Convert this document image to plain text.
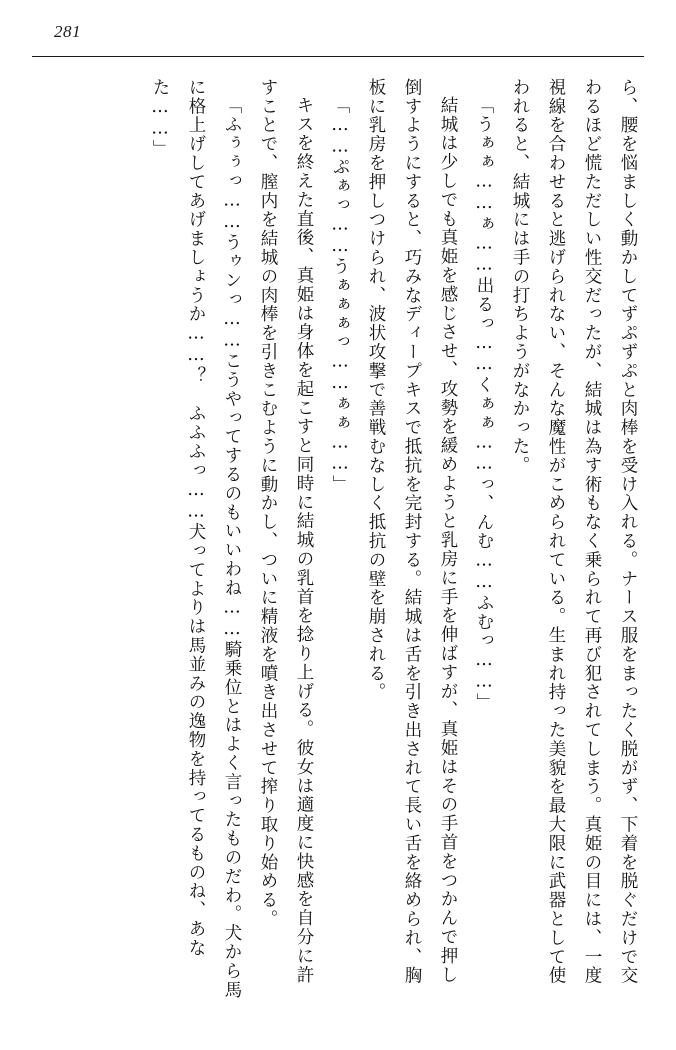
281

ら、腰を悩ましく動かしてずぷずぷと肉棒を受け入れる。ナース服をまったく脱がず、下着を脱ぐだけで交わるほど慌ただしい性交だったが、結城は為す術もなく乗られて再び犯されてしまう。真姫の目には、一度視線を合わせると逃げられない、そんな魔性がこめられている。生まれ持った美貌を最大限に武器として使われると、結城には手の打ちようがなかった。

「うぁぁ……ぁ……出るっ……くぁぁ……っ、んむ……ふむっ……」

結城は少しでも真姫を感じさせ、攻勢を緩めようと乳房に手を伸ばすが、真姫はその手首をつかんで押し倒すようにすると、巧みなディープキスで抵抗を完封する。結城は舌を引き出されて長い舌を絡められ、胸板に乳房を押しつけられ、波状攻撃で善戦むなしく抵抗の壁を崩される。

「……ぷぁっ……うぁぁぁっ……ぁぁ……」

キスを終えた直後、真姫は身体を起こすと同時に結城の乳首を捻り上げる。彼女は適度に快感を自分に許すことで、膣内を結城の肉棒を引きこむように動かし、ついに精液を噴き出させて搾り取り始める。

「ふぅぅっ……うゥンっ……こうやってするのもいいわね……騎乗位とはよく言ったものだわ。犬から馬に格上げしてあげましょうか……？　ふふふっ……犬ってよりは馬並みの逸物を持ってるものね、あなた……」
